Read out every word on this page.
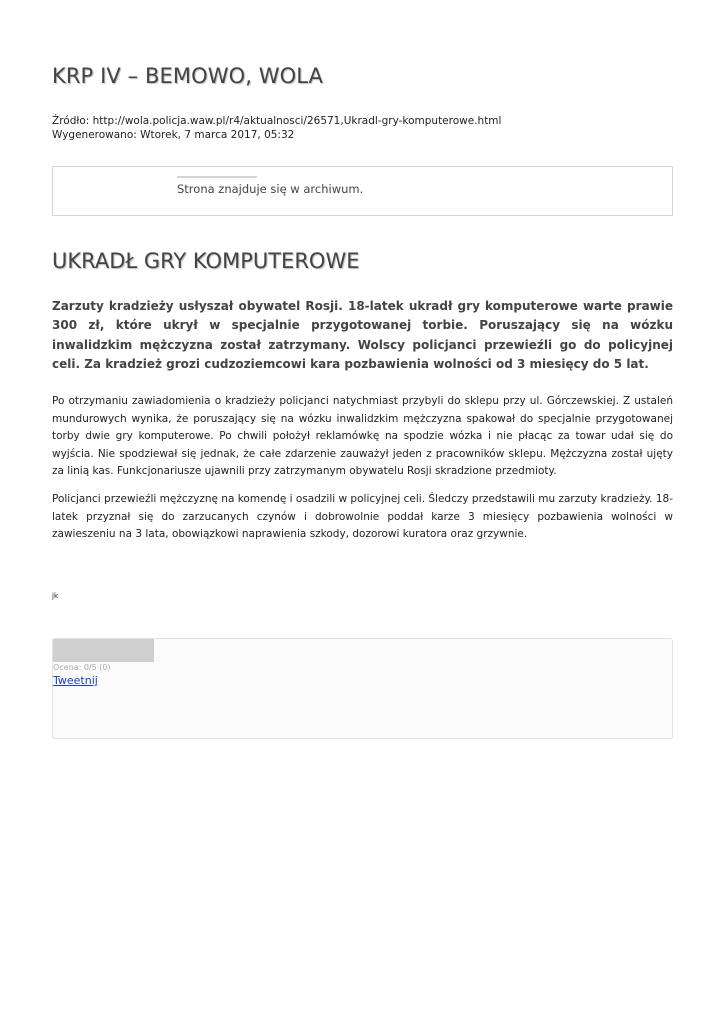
KRP IV – BEMOWO, WOLA
Źródło: http://wola.policja.waw.pl/r4/aktualnosci/26571,Ukradl-gry-komputerowe.html
Wygenerowano: Wtorek, 7 marca 2017, 05:32
Strona znajduje się w archiwum.
UKRADŁ GRY KOMPUTEROWE

Zarzuty kradzieży usłyszał obywatel Rosji. 18-latek ukradł gry komputerowe warte prawie 300 zł, które ukrył w specjalnie przygotowanej torbie. Poruszający się na wózku inwalidzkim mężczyzna został zatrzymany. Wolscy policjanci przewieźli go do policyjnej celi. Za kradzież grozi cudzoziemcowi kara pozbawienia wolności od 3 miesięcy do 5 lat.

Po otrzymaniu zawiadomienia o kradzieży policjanci natychmiast przybyli do sklepu przy ul. Górczewskiej. Z ustaleń mundurowych wynika, że poruszający się na wózku inwalidzkim mężczyzna spakował do specjalnie przygotowanej torby dwie gry komputerowe. Po chwili położył reklamówkę na spodzie wózka i nie płacąc za towar udał się do wyjścia. Nie spodziewał się jednak, że całe zdarzenie zauważył jeden z pracowników sklepu. Mężczyzna został ujęty za linią kas. Funkcjonariusze ujawnili przy zatrzymanym obywatelu Rosji skradzione przedmioty.

Policjanci przewieźli mężczyznę na komendę i osadzili w policyjnej celi. Śledczy przedstawili mu zarzuty kradzieży. 18-latek przyznał się do zarzucanych czynów i dobrowolnie poddał karze 3 miesięcy pozbawienia wolności w zawieszeniu na 3 lata, obowiązkowi naprawienia szkody, dozorowi kuratora oraz grzywnie.

jk
Ocena: 0/5 (0)
Tweetnij
